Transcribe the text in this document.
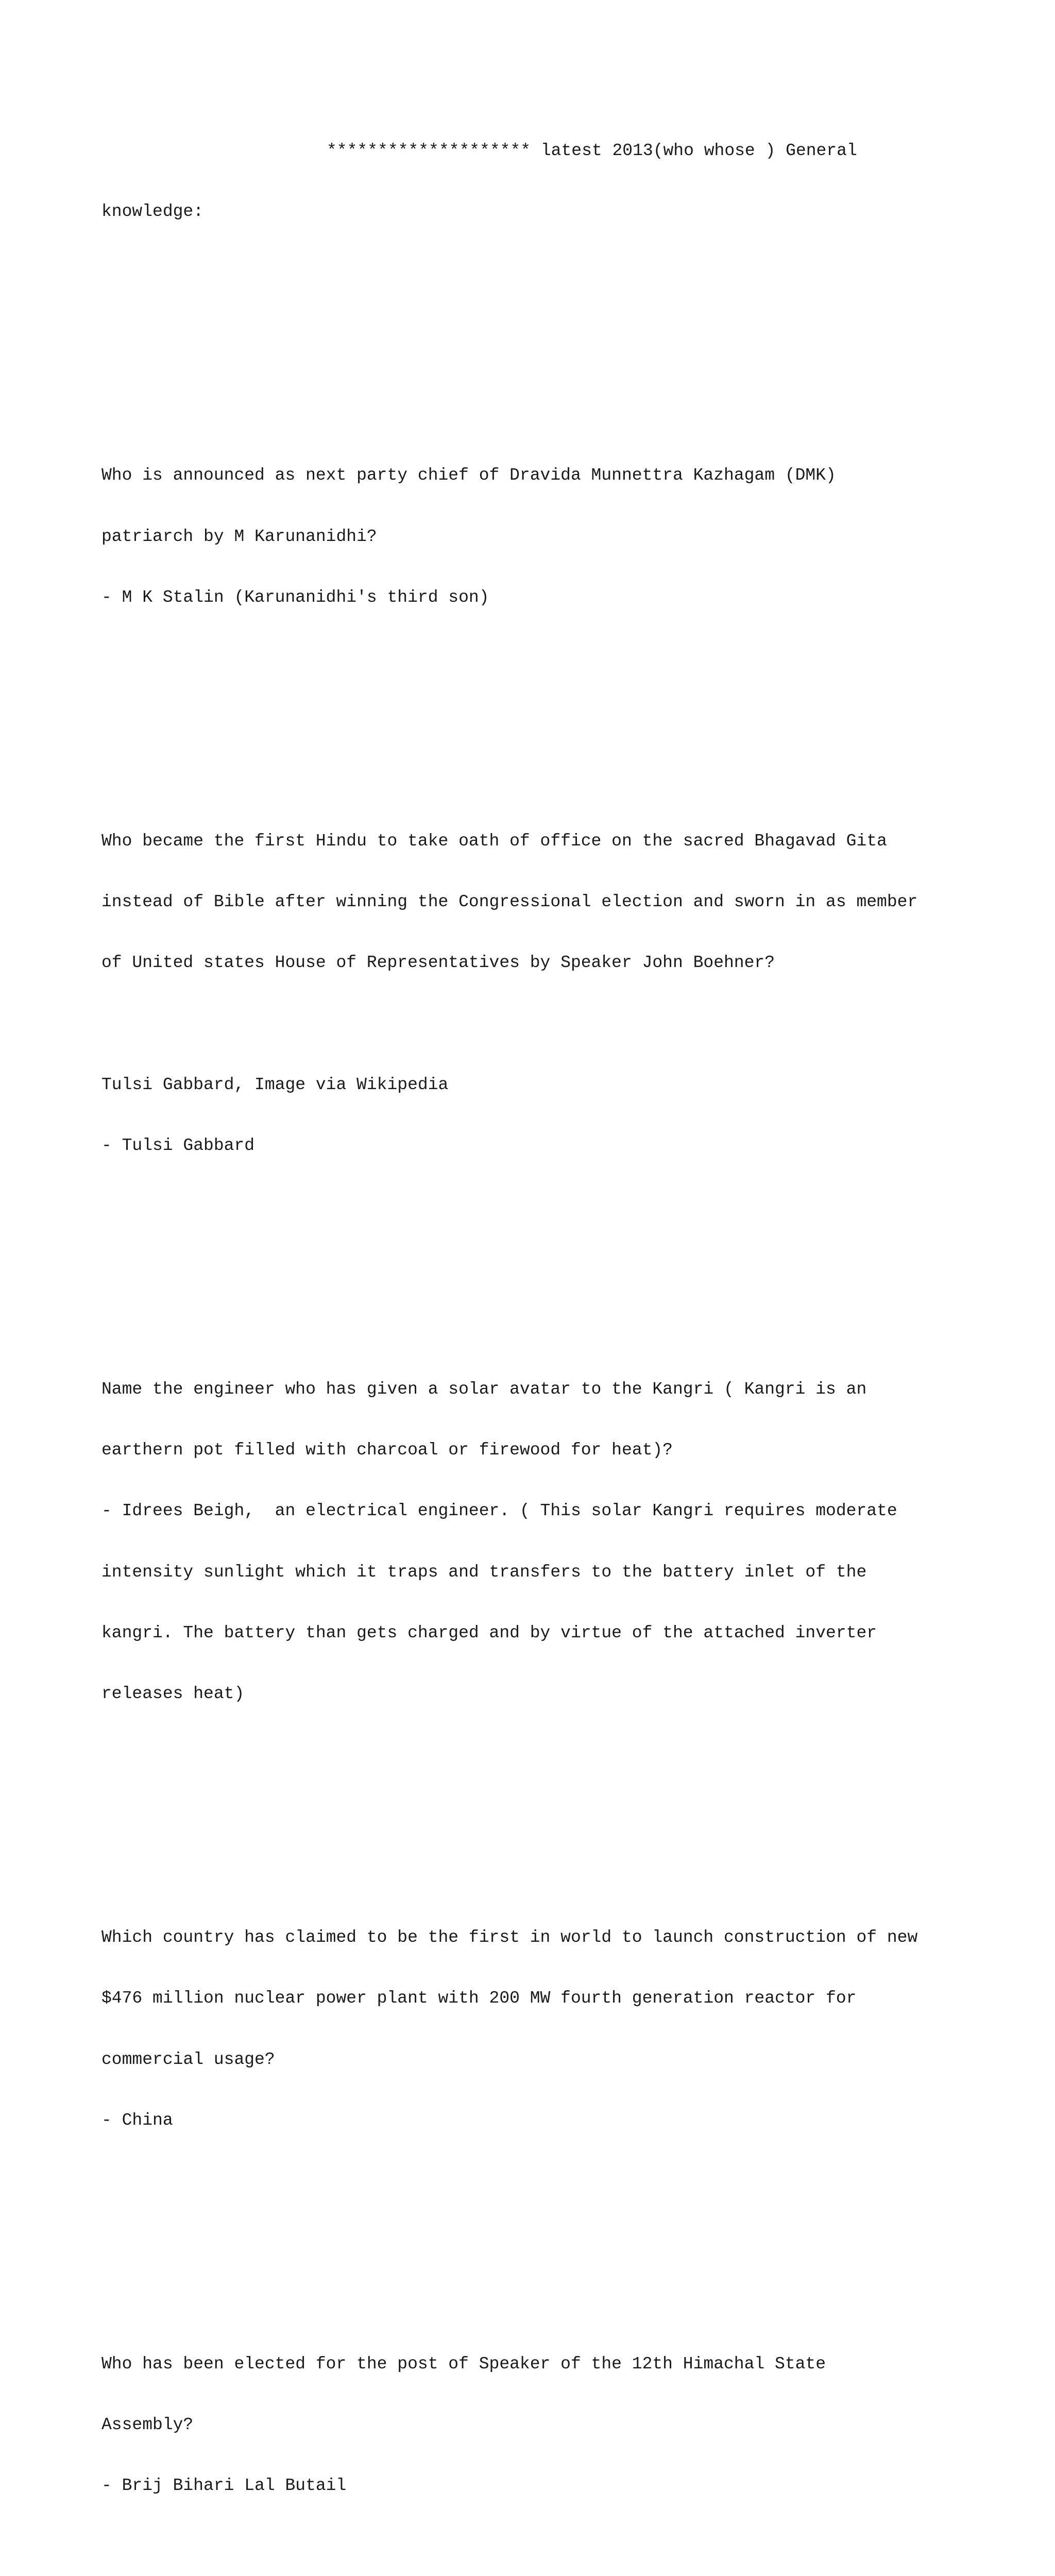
******************** latest 2013(who whose ) General

knowledge:

Who is announced as next party chief of Dravida Munnettra Kazhagam (DMK)

patriarch by M Karunanidhi?

- M K Stalin (Karunanidhi's third son)

Who became the first Hindu to take oath of office on the sacred Bhagavad Gita

instead of Bible after winning the Congressional election and sworn in as member

of United states House of Representatives by Speaker John Boehner?

Tulsi Gabbard, Image via Wikipedia

- Tulsi Gabbard

Name the engineer who has given a solar avatar to the Kangri ( Kangri is an

earthern pot filled with charcoal or firewood for heat)?

- Idrees Beigh,  an electrical engineer. ( This solar Kangri requires moderate

intensity sunlight which it traps and transfers to the battery inlet of the

kangri. The battery than gets charged and by virtue of the attached inverter

releases heat)

Which country has claimed to be the first in world to launch construction of new

$476 million nuclear power plant with 200 MW fourth generation reactor for

commercial usage?

- China

Who has been elected for the post of Speaker of the 12th Himachal State

Assembly?

- Brij Bihari Lal Butail
